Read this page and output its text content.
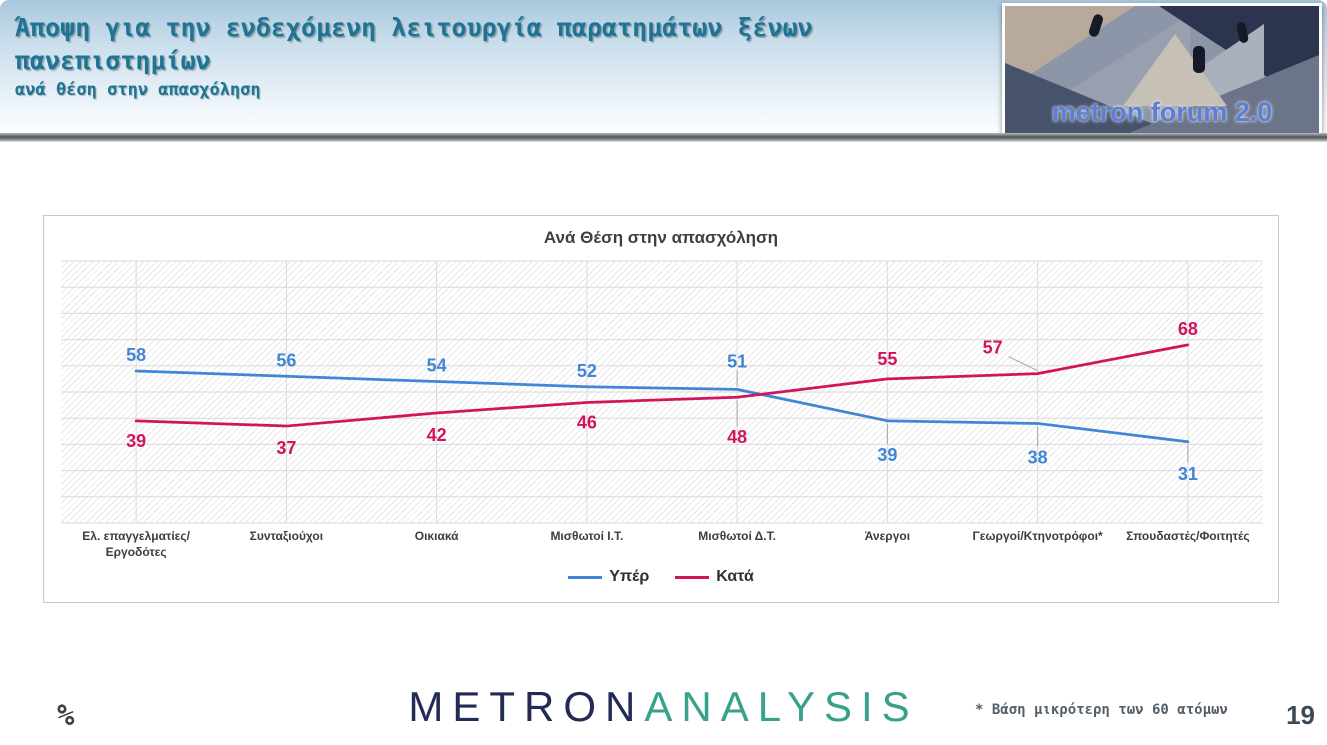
Άποψη για την ενδεχόμενη λειτουργία παρατημάτων ξένων πανεπιστημίων
ανά θέση στην απασχόληση
metron forum 2.0
Ανά Θέση στην απασχόληση
58	56	54	52	51
39	38
31
39	37
42
46
48
55
57
68
Ελ. επαγγελματίες/Εργοδότες
Συνταξιούχοι	Οικιακά	Μισθωτοί Ι.Τ.	Μισθωτοί Δ.Τ.	Άνεργοι	Γεωργοί/Κτηνοτρόφοι*	Σπουδαστές/Φοιτητές
Υπέρ	Κατά
%	METRONANALYSIS	* Βάση μικρότερη των 60 ατόμων 19
